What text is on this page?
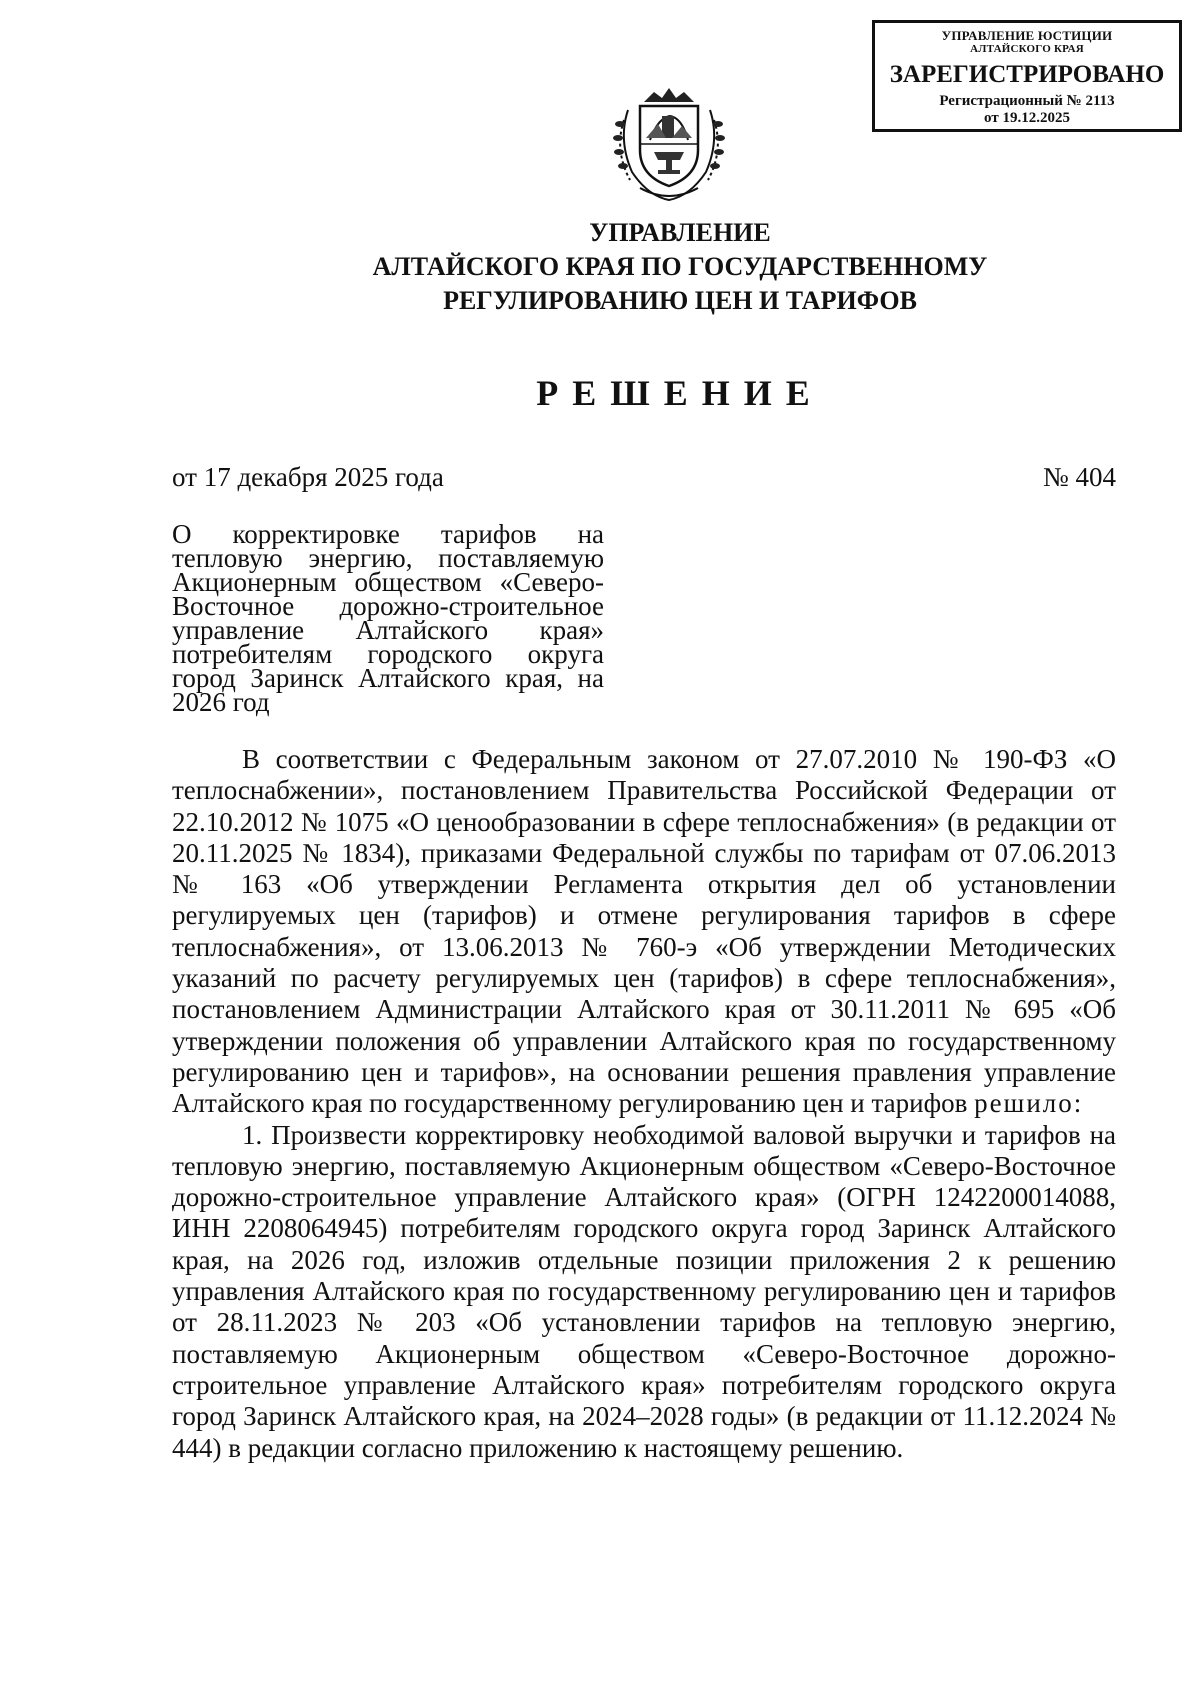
УПРАВЛЕНИЕ ЮСТИЦИИ
АЛТАЙСКОГО КРАЯ
ЗАРЕГИСТРИРОВАНО
Регистрационный № 2113
от 19.12.2025
УПРАВЛЕНИЕ
АЛТАЙСКОГО КРАЯ ПО ГОСУДАРСТВЕННОМУ
РЕГУЛИРОВАНИЮ ЦЕН И ТАРИФОВ
РЕШЕНИЕ
от 17 декабря 2025 года	№ 404
О корректировке тарифов на тепловую энергию, поставляемую Акционерным обществом «Северо-Восточное дорожно-строительное управление Алтайского края» потребителям городского округа город Заринск Алтайского края, на 2026 год

В соответствии с Федеральным законом от 27.07.2010 № 190-ФЗ «О теплоснабжении», постановлением Правительства Российской Федерации от 22.10.2012 № 1075 «О ценообразовании в сфере теплоснабжения» (в редакции от 20.11.2025 № 1834), приказами Федеральной службы по тарифам от 07.06.2013 № 163 «Об утверждении Регламента открытия дел об установлении регулируемых цен (тарифов) и отмене регулирования тарифов в сфере теплоснабжения», от 13.06.2013 № 760-э «Об утверждении Методических указаний по расчету регулируемых цен (тарифов) в сфере теплоснабжения», постановлением Администрации Алтайского края от 30.11.2011 № 695 «Об утверждении положения об управлении Алтайского края по государственному регулированию цен и тарифов», на основании решения правления управление Алтайского края по государственному регулированию цен и тарифов решило:

1. Произвести корректировку необходимой валовой выручки и тарифов на тепловую энергию, поставляемую Акционерным обществом «Северо-Восточное дорожно-строительное управление Алтайского края» (ОГРН 1242200014088, ИНН 2208064945) потребителям городского округа город Заринск Алтайского края, на 2026 год, изложив отдельные позиции приложения 2 к решению управления Алтайского края по государственному регулированию цен и тарифов от 28.11.2023 № 203 «Об установлении тарифов на тепловую энергию, поставляемую Акционерным обществом «Северо-Восточное дорожно-строительное управление Алтайского края» потребителям городского округа город Заринск Алтайского края, на 2024–2028 годы» (в редакции от 11.12.2024 № 444) в редакции согласно приложению к настоящему решению.
